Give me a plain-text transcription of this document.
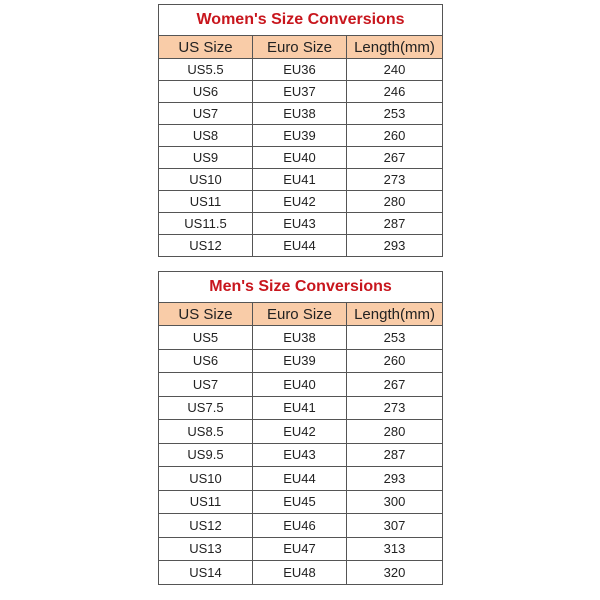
Women's Size Conversions		
US Size	Euro Size	Length(mm)
US5.5	EU36	240
US6	EU37	246
US7	EU38	253
US8	EU39	260
US9	EU40	267
US10	EU41	273
US11	EU42	280
US11.5	EU43	287
US12	EU44	293
Men's Size Conversions		
US Size	Euro Size	Length(mm)
US5	EU38	253
US6	EU39	260
US7	EU40	267
US7.5	EU41	273
US8.5	EU42	280
US9.5	EU43	287
US10	EU44	293
US11	EU45	300
US12	EU46	307
US13	EU47	313
US14	EU48	320
